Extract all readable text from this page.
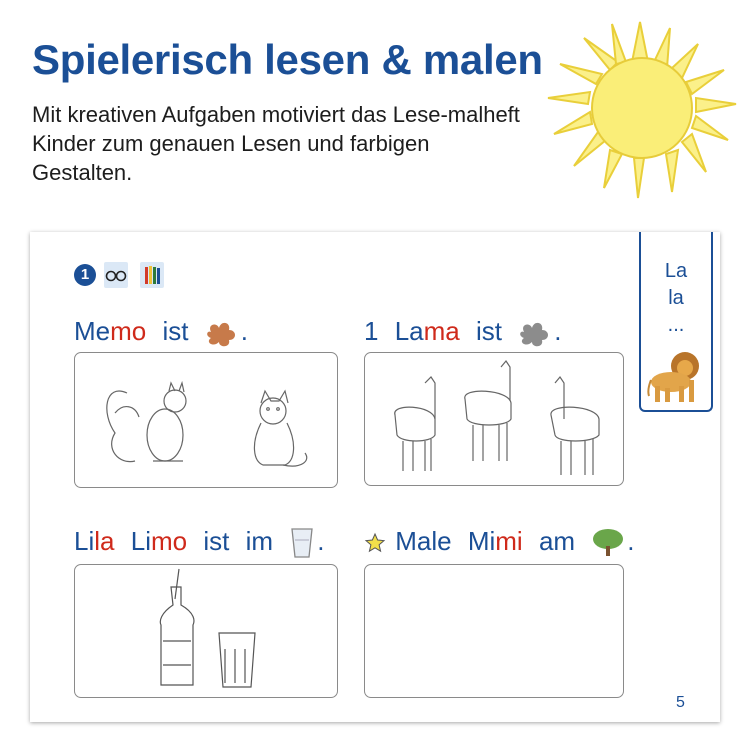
Spielerisch lesen & malen

Mit kreativen Aufgaben motiviert das Lese-malheft Kinder zum genauen Lesen und farbigen Gestalten.

La
la
...
1
Memo ist .	1 Lama ist .
Lila Limo ist im .	Male Mimi am .
5
